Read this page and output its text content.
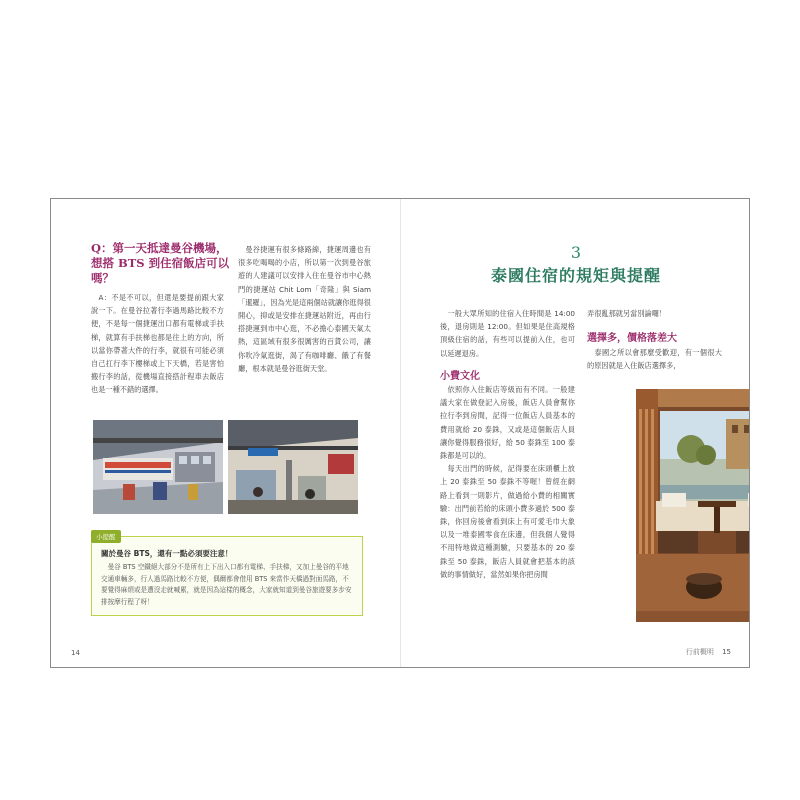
Q：第一天抵達曼谷機場，想搭 BTS 到住宿飯店可以嗎？

　A：不是不可以，但還是要提前跟大家說一下。在曼谷拉著行李過馬路比較不方便，不是每一個捷運出口都有電梯或手扶梯，就算有手扶梯也都是往上的方向，所以當你帶著大件的行李，就很有可能必須自己扛行李下樓梯或上下天橋，若是害怕搬行李的話，從機場直接搭計程車去飯店也是一種不錯的選擇。

　曼谷捷運有很多條路線，捷運周邊也有很多吃喝喝的小店，所以第一次到曼谷旅遊的人建議可以安排入住在曼谷市中心熱門的捷運站 Chit Lom「奇隆」與 Siam「暹羅」，因為光是這兩個站就讓你逛得很開心，抑或是安排在捷運站附近，再由行搭捷運到市中心逛，不必擔心泰國天氣太熱，這區域有很多很厲害的百貨公司，讓你吹冷氣逛街，渴了有咖啡廳、餓了有餐廳，根本就是曼谷逛街天堂。

小提醒

關於曼谷 BTS，還有一點必須要注意！

　曼谷 BTS 空鐵絕大部分不是所有上下出入口都有電梯、手扶梯，又加上曼谷的平地交通車輛多，行人過馬路比較不方便，偶爾都會借用 BTS 來當作天橋過對面馬路，不要覺得麻煩或是遭沒走就喊累，就是因為這樣的概念，大家就知道到曼谷旅遊要多步安排按摩行程了呀！

14

3

泰國住宿的規矩與提醒

　一般大眾所知的住宿入住時間是 14:00 後，退房則是 12:00。但如果是住高規格頂級住宿的話，有些可以提前入住，也可以延遲退房。

小費文化

　依照你入住飯店等級而有不同。一般建議大家在做登記入房後，飯店人員會幫你拉行李到房間，記得一位飯店人員基本的費用就給 20 泰銖，又或是這個飯店人員讓你覺得服務很好，給 50 泰銖至 100 泰銖都是可以的。
　每天出門的時候，記得要在床頭櫃上放上 20 泰銖至 50 泰銖不等喔！曾經在網路上看到一則影片，做過給小費的相關實驗：出門前若給的床頭小費多過於 500 泰銖，你回房後會看到床上有可愛毛巾大象以及一堆泰國零食在床邊，但我個人覺得不用特地做這種測驗，只要基本的 20 泰銖至 50 泰銖，飯店人員就會把基本的該做的事情做好，當然如果你把房間

弄很亂那就另當別論囉！

選擇多，價格落差大

　泰國之所以會那麼受歡迎，有一個很大的原因就是入住飯店選擇多，

行前概明 15
